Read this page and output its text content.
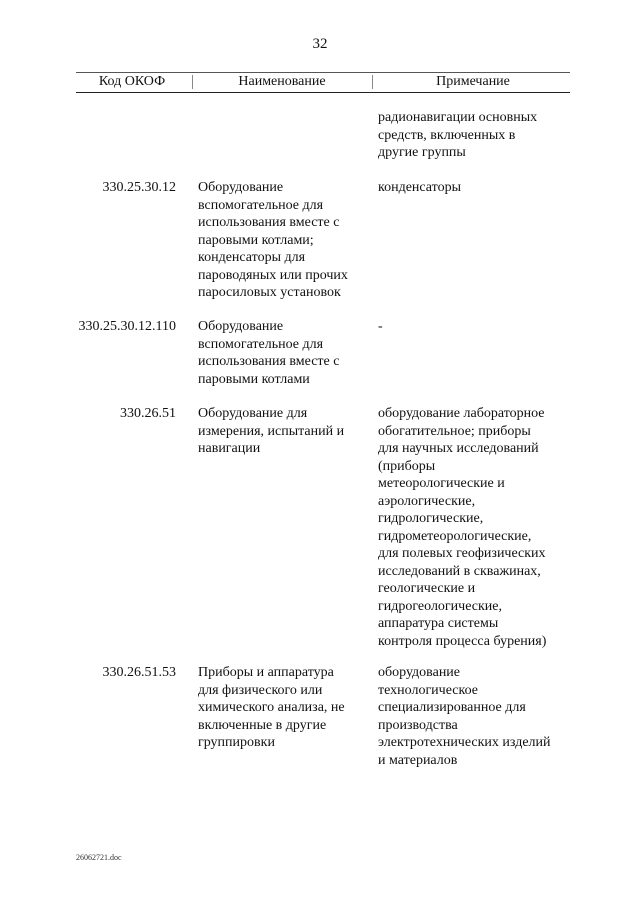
32
Код ОКОФ	Наименование	Примечание
радионавигации основных
средств, включенных в
другие группы
330.25.30.12 Оборудование
вспомогательное для
использования вместе с
паровыми котлами;
конденсаторы для
пароводяных или прочих
паросиловых установок
конденсаторы
330.25.30.12.110 Оборудование
вспомогательное для
использования вместе с
паровыми котлами
-
330.26.51 Оборудование для
измерения, испытаний и
навигации
оборудование лабораторное
обогатительное; приборы
для научных исследований
(приборы
метеорологические и
аэрологические,
гидрологические,
гидрометеорологические,
для полевых геофизических
исследований в скважинах,
геологические и
гидрогеологические,
аппаратура системы
контроля процесса бурения)
330.26.51.53 Приборы и аппаратура
для физического или
химического анализа, не
включенные в другие
группировки
оборудование
технологическое
специализированное для
производства
электротехнических изделий
и материалов
26062721.doc
